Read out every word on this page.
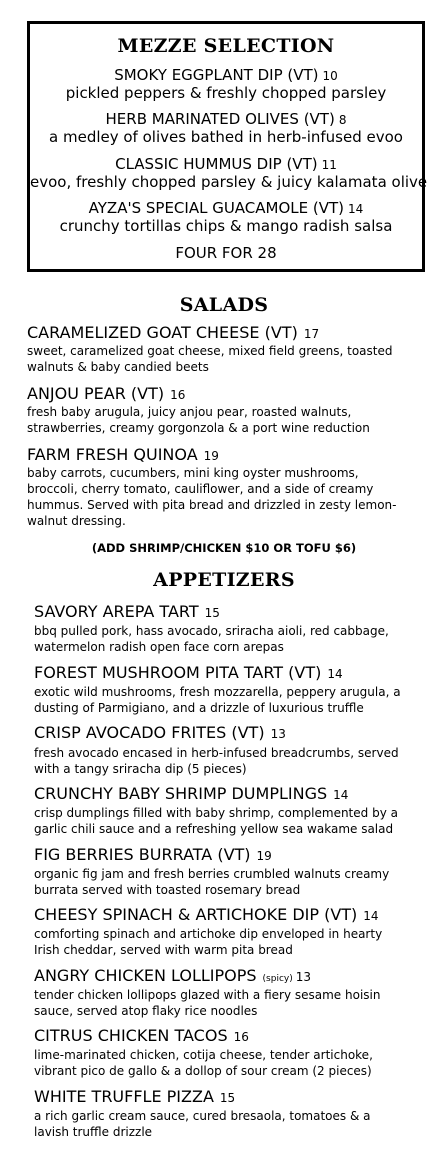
MEZZE SELECTION
SMOKY EGGPLANT DIP (VT) 10
pickled peppers & freshly chopped parsley
HERB MARINATED OLIVES (VT) 8
a medley of olives bathed in herb-infused evoo
CLASSIC HUMMUS DIP (VT) 11
evoo, freshly chopped parsley & juicy kalamata olive
AYZA'S SPECIAL GUACAMOLE (VT) 14
crunchy tortillas chips & mango radish salsa
FOUR FOR 28
SALADS
CARAMELIZED GOAT CHEESE (VT) 17
sweet, caramelized goat cheese, mixed field greens, toasted
walnuts & baby candied beets
ANJOU PEAR (VT) 16
fresh baby arugula, juicy anjou pear, roasted walnuts,
strawberries, creamy gorgonzola & a port wine reduction
FARM FRESH QUINOA 19
baby carrots, cucumbers, mini king oyster mushrooms,
broccoli, cherry tomato, cauliflower, and a side of creamy
hummus. Served with pita bread and drizzled in zesty lemon-
walnut dressing.
(ADD SHRIMP/CHICKEN $10 OR TOFU $6)
APPETIZERS
SAVORY AREPA TART 15
bbq pulled pork, hass avocado, sriracha aioli, red cabbage,
watermelon radish open face corn arepas
FOREST MUSHROOM PITA TART (VT) 14
exotic wild mushrooms, fresh mozzarella, peppery arugula, a
dusting of Parmigiano, and a drizzle of luxurious truffle
CRISP AVOCADO FRITES (VT) 13
fresh avocado encased in herb-infused breadcrumbs, served
with a tangy sriracha dip (5 pieces)
CRUNCHY BABY SHRIMP DUMPLINGS 14
crisp dumplings filled with baby shrimp, complemented by a
garlic chili sauce and a refreshing yellow sea wakame salad
FIG BERRIES BURRATA (VT) 19
organic fig jam and fresh berries crumbled walnuts creamy
burrata served with toasted rosemary bread
CHEESY SPINACH & ARTICHOKE DIP (VT) 14
comforting spinach and artichoke dip enveloped in hearty
Irish cheddar, served with warm pita bread
ANGRY CHICKEN LOLLIPOPS (spicy) 13
tender chicken lollipops glazed with a fiery sesame hoisin
sauce, served atop flaky rice noodles
CITRUS CHICKEN TACOS 16
lime-marinated chicken, cotija cheese, tender artichoke,
vibrant pico de gallo & a dollop of sour cream (2 pieces)
WHITE TRUFFLE PIZZA 15
a rich garlic cream sauce, cured bresaola, tomatoes & a
lavish truffle drizzle
